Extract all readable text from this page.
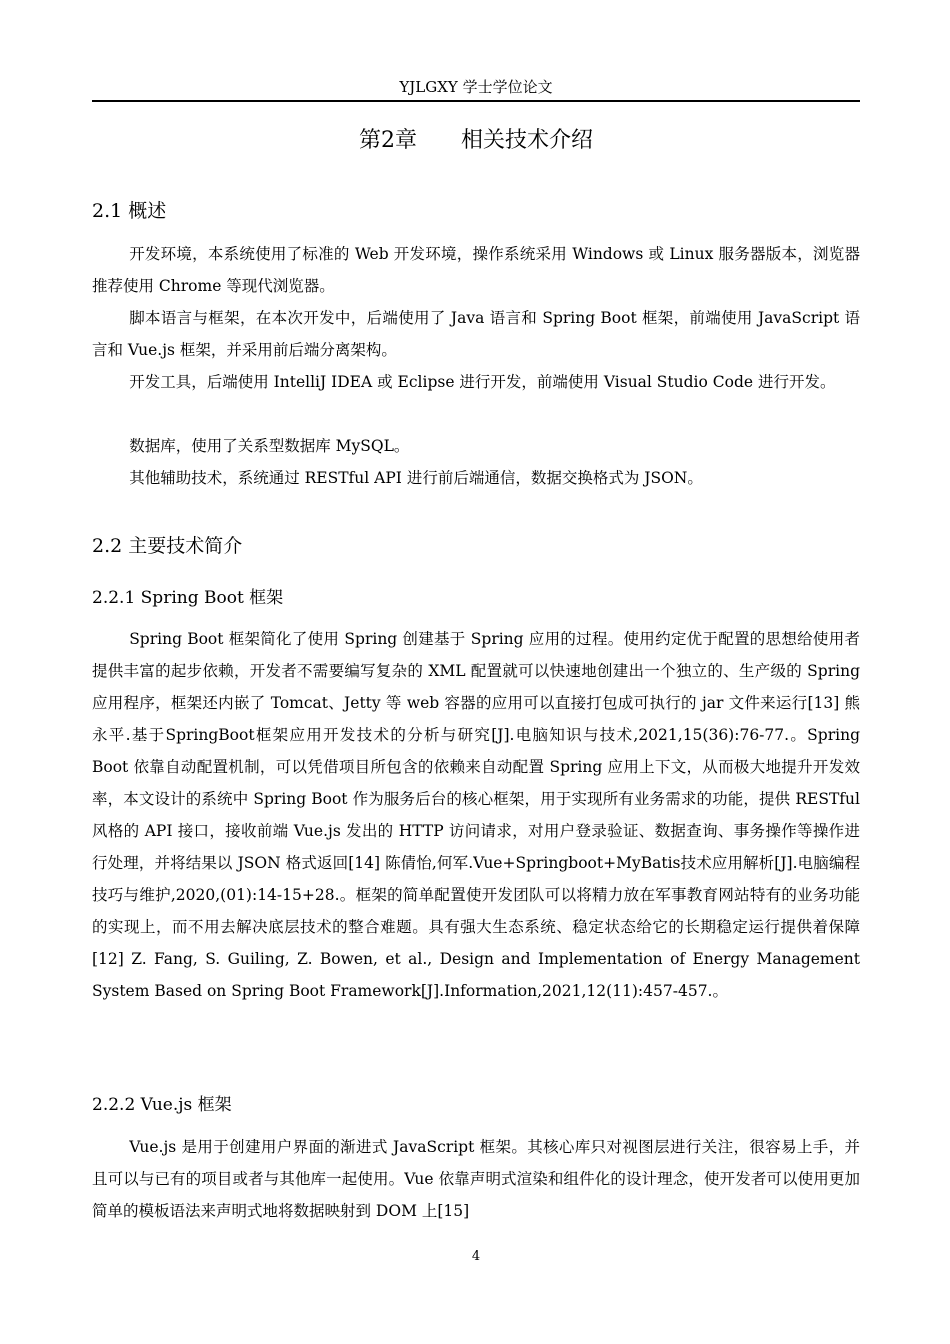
YJLGXY 学士学位论文
第2章　　相关技术介绍
2.1 概述

开发环境，本系统使用了标准的 Web 开发环境，操作系统采用 Windows 或 Linux 服务器版本，浏览器推荐使用 Chrome 等现代浏览器。

脚本语言与框架，在本次开发中，后端使用了 Java 语言和 Spring Boot 框架，前端使用 JavaScript 语言和 Vue.js 框架，并采用前后端分离架构。

开发工具，后端使用 IntelliJ IDEA 或 Eclipse 进行开发，前端使用 Visual Studio Code 进行开发。

数据库，使用了关系型数据库 MySQL。

其他辅助技术，系统通过 RESTful API 进行前后端通信，数据交换格式为 JSON。

2.2 主要技术简介
2.2.1 Spring Boot 框架

Spring Boot 框架简化了使用 Spring 创建基于 Spring 应用的过程。使用约定优于配置的思想给使用者提供丰富的起步依赖，开发者不需要编写复杂的 XML 配置就可以快速地创建出一个独立的、生产级的 Spring 应用程序，框架还内嵌了 Tomcat、Jetty 等 web 容器的应用可以直接打包成可执行的 jar 文件来运行[13] 熊永平.基于SpringBoot框架应用开发技术的分析与研究[J].电脑知识与技术,2021,15(36):76-77.。Spring Boot 依靠自动配置机制，可以凭借项目所包含的依赖来自动配置 Spring 应用上下文，从而极大地提升开发效率，本文设计的系统中 Spring Boot 作为服务后台的核心框架，用于实现所有业务需求的功能，提供 RESTful 风格的 API 接口，接收前端 Vue.js 发出的 HTTP 访问请求，对用户登录验证、数据查询、事务操作等操作进行处理，并将结果以 JSON 格式返回[14] 陈倩怡,何军.Vue+Springboot+MyBatis技术应用解析[J].电脑编程技巧与维护,2020,(01):14-15+28.。框架的简单配置使开发团队可以将精力放在军事教育网站特有的业务功能的实现上，而不用去解决底层技术的整合难题。具有强大生态系统、稳定状态给它的长期稳定运行提供着保障[12] Z. Fang, S. Guiling, Z. Bowen, et al., Design and Implementation of Energy Management System Based on Spring Boot Framework[J].Information,2021,12(11):457-457.。

2.2.2 Vue.js 框架

Vue.js 是用于创建用户界面的渐进式 JavaScript 框架。其核心库只对视图层进行关注，很容易上手，并且可以与已有的项目或者与其他库一起使用。Vue 依靠声明式渲染和组件化的设计理念，使开发者可以使用更加简单的模板语法来声明式地将数据映射到 DOM 上[15]

4
